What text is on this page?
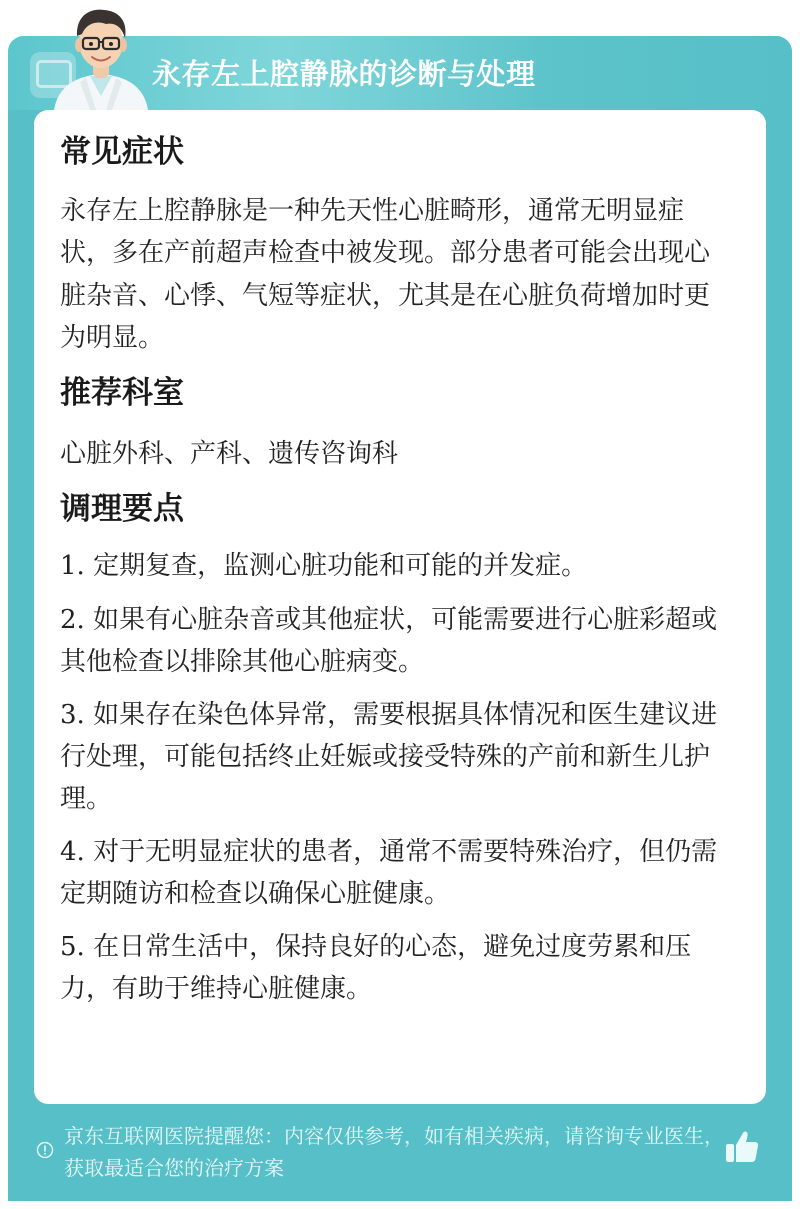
永存左上腔静脉的诊断与处理
常见症状

永存左上腔静脉是一种先天性心脏畸形，通常无明显症状，多在产前超声检查中被发现。部分患者可能会出现心脏杂音、心悸、气短等症状，尤其是在心脏负荷增加时更为明显。

推荐科室

心脏外科、产科、遗传咨询科

调理要点

1. 定期复查，监测心脏功能和可能的并发症。

2. 如果有心脏杂音或其他症状，可能需要进行心脏彩超或其他检查以排除其他心脏病变。

3. 如果存在染色体异常，需要根据具体情况和医生建议进行处理，可能包括终止妊娠或接受特殊的产前和新生儿护理。

4. 对于无明显症状的患者，通常不需要特殊治疗，但仍需定期随访和检查以确保心脏健康。

5. 在日常生活中，保持良好的心态，避免过度劳累和压力，有助于维持心脏健康。

京东互联网医院提醒您：内容仅供参考，如有相关疾病，请咨询专业医生，获取最适合您的治疗方案
